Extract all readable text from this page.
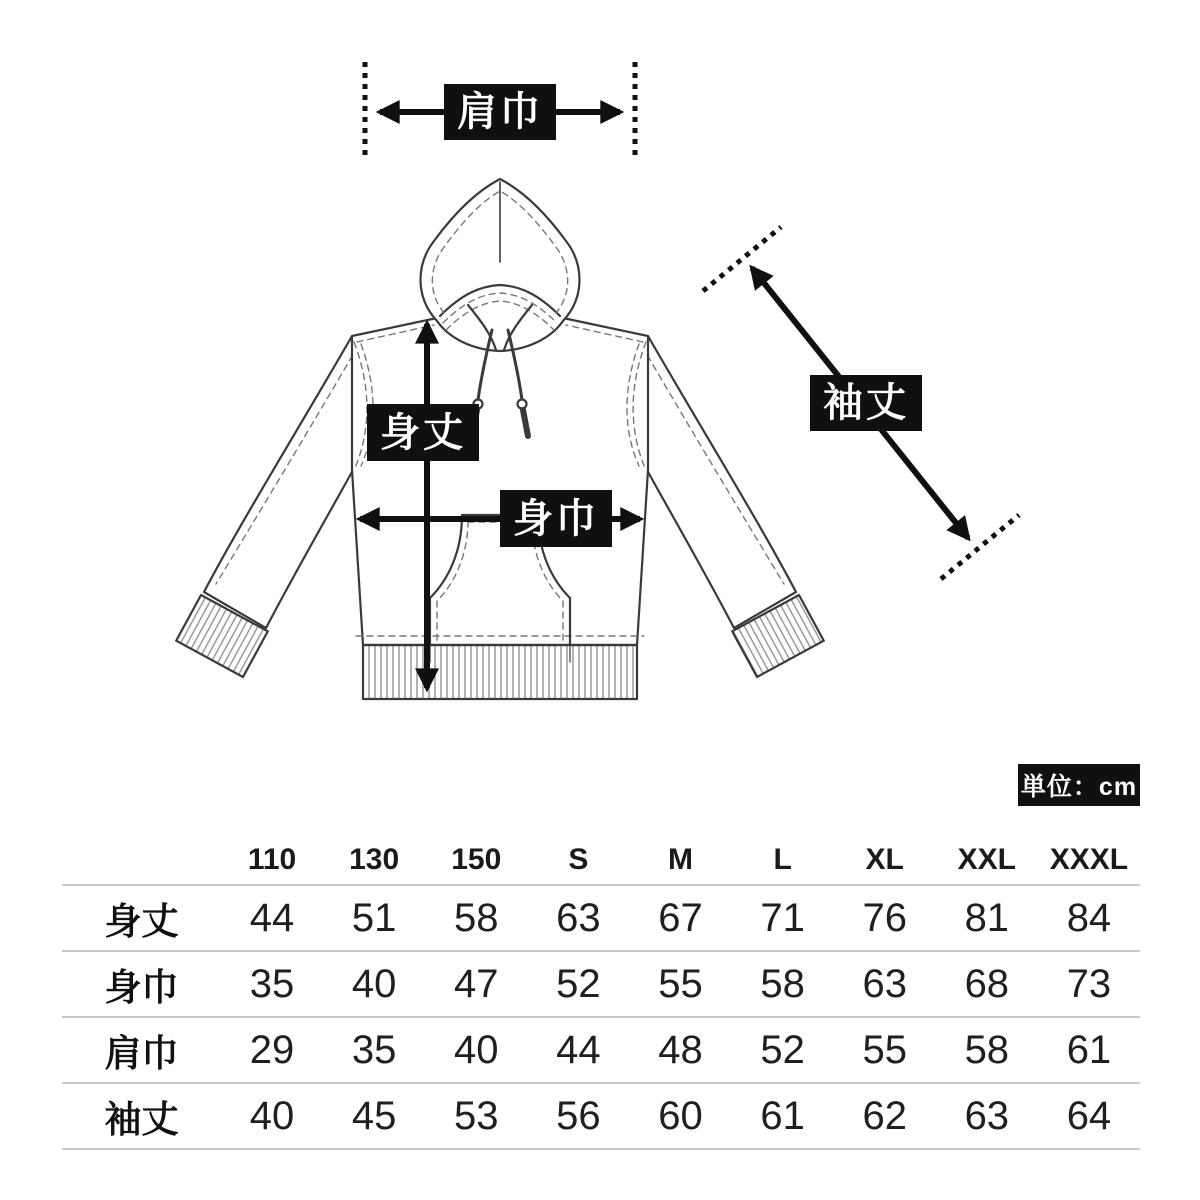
肩巾
身丈
身巾
袖丈
単位：cm
	110	130	150	S	M	L	XL	XXL	XXXL
身丈	44	51	58	63	67	71	76	81	84
身巾	35	40	47	52	55	58	63	68	73
肩巾	29	35	40	44	48	52	55	58	61
袖丈	40	45	53	56	60	61	62	63	64
